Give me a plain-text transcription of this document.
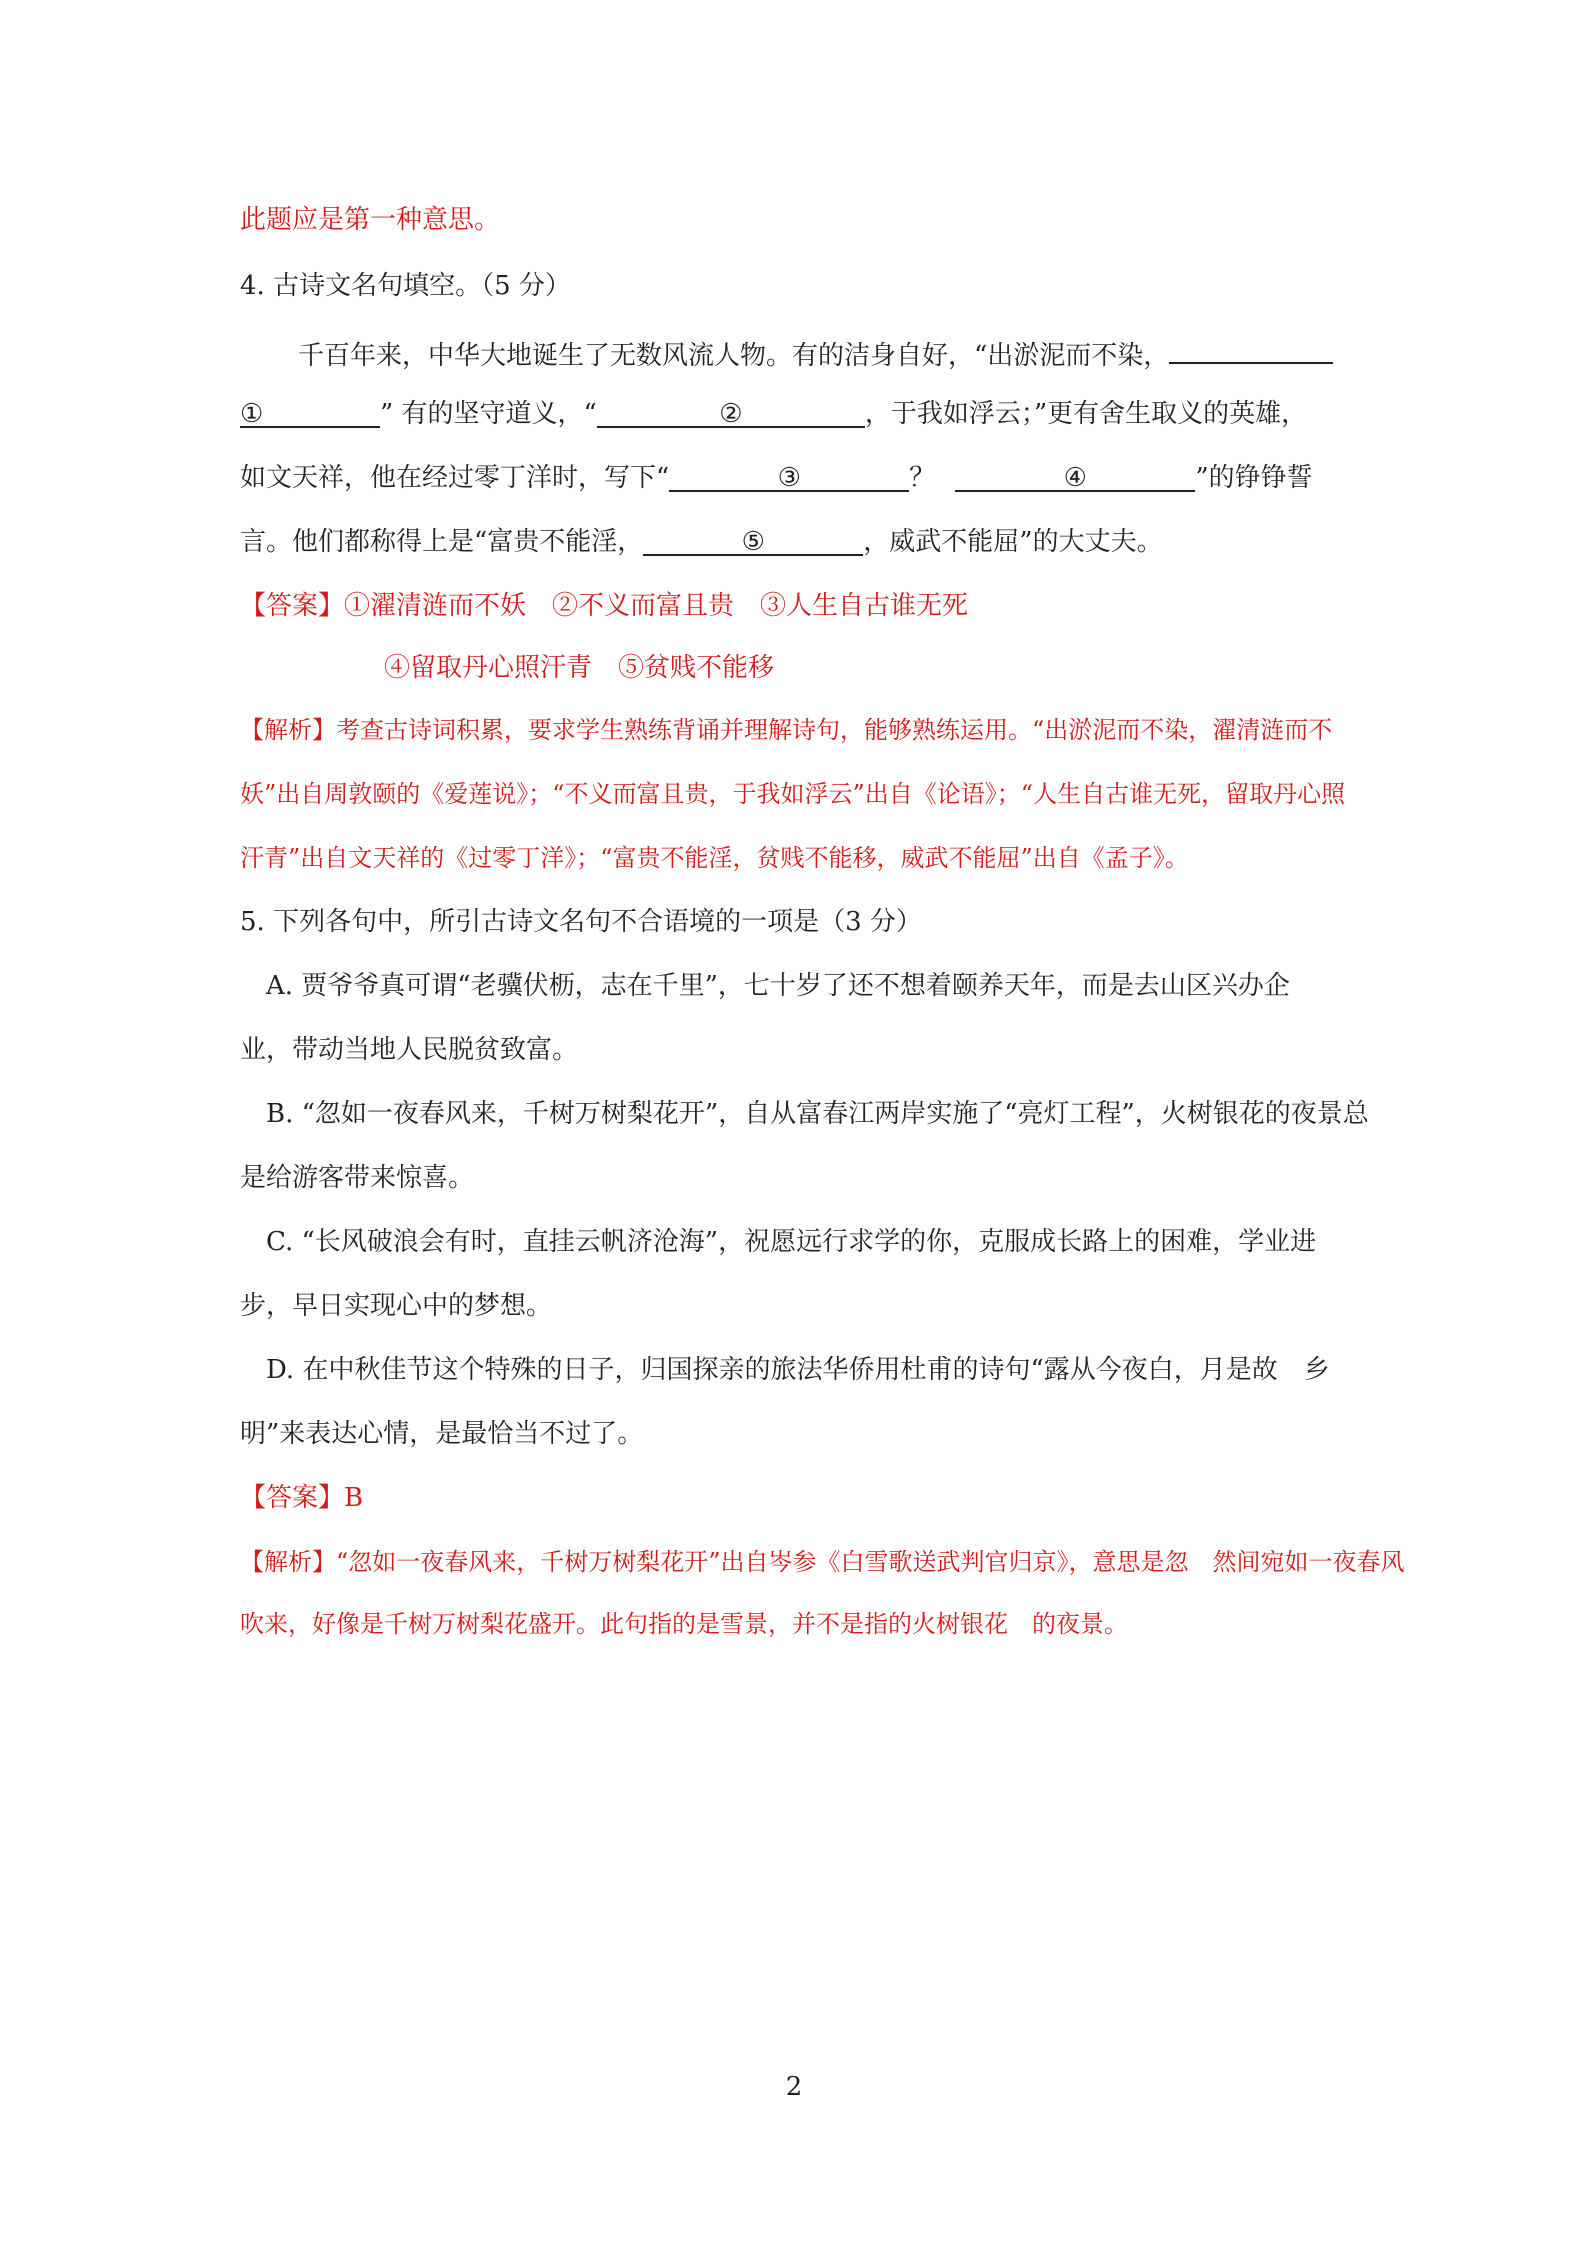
此题应是第一种意思。
4. 古诗文名句填空。（5 分）
千百年来，中华大地诞生了无数风流人物。有的洁身自好，“出淤泥而不染，
①	” 有的坚守道义，“	②	，于我如浮云；”更有舍生取义的英雄，
如文天祥，他在经过零丁洋时，写下“	③	？	④	”的铮铮誓
言。他们都称得上是“富贵不能淫，	⑤	，威武不能屈”的大丈夫。
【答案】①濯清涟而不妖　②不义而富且贵　③人生自古谁无死
④留取丹心照汗青　⑤贫贱不能移
【解析】考查古诗词积累，要求学生熟练背诵并理解诗句，能够熟练运用。“出淤泥而不染，濯清涟而不
妖”出自周敦颐的《爱莲说》；“不义而富且贵，于我如浮云”出自《论语》；“人生自古谁无死，留取丹心照
汗青”出自文天祥的《过零丁洋》；“富贵不能淫，贫贱不能移，威武不能屈”出自《孟子》。
5. 下列各句中，所引古诗文名句不合语境的一项是（3 分）
A. 贾爷爷真可谓“老骥伏枥，志在千里”，七十岁了还不想着颐养天年，而是去山区兴办企
业，带动当地人民脱贫致富。
B. “忽如一夜春风来，千树万树梨花开”，自从富春江两岸实施了“亮灯工程”，火树银花的夜景总
是给游客带来惊喜。
C. “长风破浪会有时，直挂云帆济沧海”，祝愿远行求学的你，克服成长路上的困难，学业进
步，早日实现心中的梦想。
D. 在中秋佳节这个特殊的日子，归国探亲的旅法华侨用杜甫的诗句“露从今夜白，月是故　乡
明”来表达心情，是最恰当不过了。
【答案】B
【解析】“忽如一夜春风来，千树万树梨花开”出自岑参《白雪歌送武判官归京》，意思是忽　然间宛如一夜春风
吹来，好像是千树万树梨花盛开。此句指的是雪景，并不是指的火树银花　的夜景。
2
